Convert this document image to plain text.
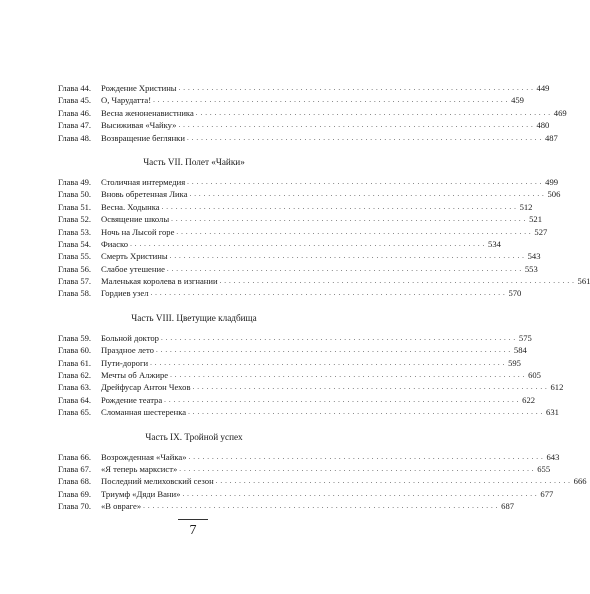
Глава 44.	Рождение Христины . . . . . . . . . . . . . . . . . . . . . . . . . . . . . . . . . . . . . . . . . . . . . . . . . . . . . . . . . . . . . . . . . . . . . . . . . . . . 449
Глава 45.	О, Чарудатта! . . . . . . . . . . . . . . . . . . . . . . . . . . . . . . . . . . . . . . . . . . . . . . . . . . . . . . . . . . . . . . . . . . . . . . . . . . . . 459
Глава 46.	Весна женоненавистника . . . . . . . . . . . . . . . . . . . . . . . . . . . . . . . . . . . . . . . . . . . . . . . . . . . . . . . . . . . . . . . . . . . . . . . . . . . . 469
Глава 47.	Высиживая «Чайку» . . . . . . . . . . . . . . . . . . . . . . . . . . . . . . . . . . . . . . . . . . . . . . . . . . . . . . . . . . . . . . . . . . . . . . . . . . . . 480
Глава 48.	Возвращение беглянки . . . . . . . . . . . . . . . . . . . . . . . . . . . . . . . . . . . . . . . . . . . . . . . . . . . . . . . . . . . . . . . . . . . . . . . . . . . . 487
Часть VII. Полет «Чайки»
Глава 49.	Столичная интермедия . . . . . . . . . . . . . . . . . . . . . . . . . . . . . . . . . . . . . . . . . . . . . . . . . . . . . . . . . . . . . . . . . . . . . . . . . . . . 499
Глава 50.	Вновь обретенная Лика . . . . . . . . . . . . . . . . . . . . . . . . . . . . . . . . . . . . . . . . . . . . . . . . . . . . . . . . . . . . . . . . . . . . . . . . . . . . 506
Глава 51.	Весна. Ходынка . . . . . . . . . . . . . . . . . . . . . . . . . . . . . . . . . . . . . . . . . . . . . . . . . . . . . . . . . . . . . . . . . . . . . . . . . . . . 512
Глава 52.	Освящение школы . . . . . . . . . . . . . . . . . . . . . . . . . . . . . . . . . . . . . . . . . . . . . . . . . . . . . . . . . . . . . . . . . . . . . . . . . . . . 521
Глава 53.	Ночь на Лысой горе . . . . . . . . . . . . . . . . . . . . . . . . . . . . . . . . . . . . . . . . . . . . . . . . . . . . . . . . . . . . . . . . . . . . . . . . . . . . 527
Глава 54.	Фиаско . . . . . . . . . . . . . . . . . . . . . . . . . . . . . . . . . . . . . . . . . . . . . . . . . . . . . . . . . . . . . . . . . . . . . . . . . . . . 534
Глава 55.	Смерть Христины . . . . . . . . . . . . . . . . . . . . . . . . . . . . . . . . . . . . . . . . . . . . . . . . . . . . . . . . . . . . . . . . . . . . . . . . . . . . 543
Глава 56.	Слабое утешение . . . . . . . . . . . . . . . . . . . . . . . . . . . . . . . . . . . . . . . . . . . . . . . . . . . . . . . . . . . . . . . . . . . . . . . . . . . . 553
Глава 57.	Маленькая королева в изгнании . . . . . . . . . . . . . . . . . . . . . . . . . . . . . . . . . . . . . . . . . . . . . . . . . . . . . . . . . . . . . . . . . . . . . . . . . . . . 561
Глава 58.	Гордиев узел . . . . . . . . . . . . . . . . . . . . . . . . . . . . . . . . . . . . . . . . . . . . . . . . . . . . . . . . . . . . . . . . . . . . . . . . . . . . 570
Часть VIII. Цветущие кладбища
Глава 59.	Больной доктор . . . . . . . . . . . . . . . . . . . . . . . . . . . . . . . . . . . . . . . . . . . . . . . . . . . . . . . . . . . . . . . . . . . . . . . . . . . . 575
Глава 60.	Праздное лето . . . . . . . . . . . . . . . . . . . . . . . . . . . . . . . . . . . . . . . . . . . . . . . . . . . . . . . . . . . . . . . . . . . . . . . . . . . . 584
Глава 61.	Пути-дороги . . . . . . . . . . . . . . . . . . . . . . . . . . . . . . . . . . . . . . . . . . . . . . . . . . . . . . . . . . . . . . . . . . . . . . . . . . . . 595
Глава 62.	Мечты об Алжире . . . . . . . . . . . . . . . . . . . . . . . . . . . . . . . . . . . . . . . . . . . . . . . . . . . . . . . . . . . . . . . . . . . . . . . . . . . . 605
Глава 63.	Дрейфусар Антон Чехов . . . . . . . . . . . . . . . . . . . . . . . . . . . . . . . . . . . . . . . . . . . . . . . . . . . . . . . . . . . . . . . . . . . . . . . . . . . . 612
Глава 64.	Рождение театра . . . . . . . . . . . . . . . . . . . . . . . . . . . . . . . . . . . . . . . . . . . . . . . . . . . . . . . . . . . . . . . . . . . . . . . . . . . . 622
Глава 65.	Сломанная шестеренка . . . . . . . . . . . . . . . . . . . . . . . . . . . . . . . . . . . . . . . . . . . . . . . . . . . . . . . . . . . . . . . . . . . . . . . . . . . . 631
Часть IX. Тройной успех
Глава 66.	Возрожденная «Чайка» . . . . . . . . . . . . . . . . . . . . . . . . . . . . . . . . . . . . . . . . . . . . . . . . . . . . . . . . . . . . . . . . . . . . . . . . . . . . 643
Глава 67.	«Я теперь марксист» . . . . . . . . . . . . . . . . . . . . . . . . . . . . . . . . . . . . . . . . . . . . . . . . . . . . . . . . . . . . . . . . . . . . . . . . . . . . 655
Глава 68.	Последний мелиховский сезон . . . . . . . . . . . . . . . . . . . . . . . . . . . . . . . . . . . . . . . . . . . . . . . . . . . . . . . . . . . . . . . . . . . . . . . . . . . . 666
Глава 69.	Триумф «Дяди Вани» . . . . . . . . . . . . . . . . . . . . . . . . . . . . . . . . . . . . . . . . . . . . . . . . . . . . . . . . . . . . . . . . . . . . . . . . . . . . 677
Глава 70.	«В овраге» . . . . . . . . . . . . . . . . . . . . . . . . . . . . . . . . . . . . . . . . . . . . . . . . . . . . . . . . . . . . . . . . . . . . . . . . . . . . 687
7
